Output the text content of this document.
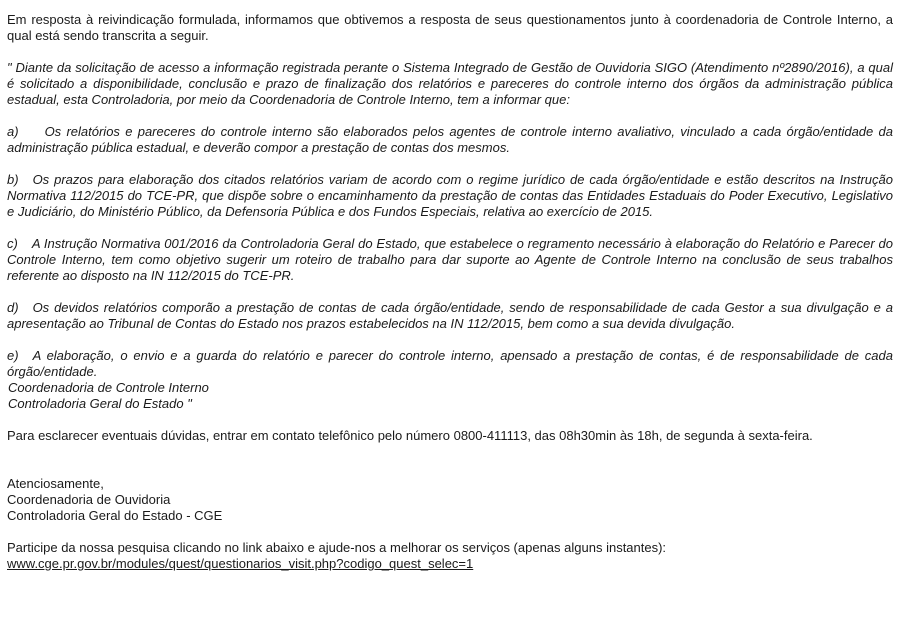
Em resposta à reivindicação formulada, informamos que obtivemos a resposta de seus questionamentos junto à coordenadoria de Controle Interno, a qual está sendo transcrita a seguir.

" Diante da solicitação de acesso a informação registrada perante o Sistema Integrado de Gestão de Ouvidoria SIGO (Atendimento nº2890/2016), a qual é solicitado a disponibilidade, conclusão e prazo de finalização dos relatórios e pareceres do controle interno dos órgãos da administração pública estadual, esta Controladoria, por meio da Coordenadoria de Controle Interno, tem a informar que:

a) Os relatórios e pareceres do controle interno são elaborados pelos agentes de controle interno avaliativo, vinculado a cada órgão/entidade da administração pública estadual, e deverão compor a prestação de contas dos mesmos.

b) Os prazos para elaboração dos citados relatórios variam de acordo com o regime jurídico de cada órgão/entidade e estão descritos na Instrução Normativa 112/2015 do TCE-PR, que dispõe sobre o encaminhamento da prestação de contas das Entidades Estaduais do Poder Executivo, Legislativo e Judiciário, do Ministério Público, da Defensoria Pública e dos Fundos Especiais, relativa ao exercício de 2015.

c) A Instrução Normativa 001/2016 da Controladoria Geral do Estado, que estabelece o regramento necessário à elaboração do Relatório e Parecer do Controle Interno, tem como objetivo sugerir um roteiro de trabalho para dar suporte ao Agente de Controle Interno na conclusão de seus trabalhos referente ao disposto na IN 112/2015 do TCE-PR.

d) Os devidos relatórios comporão a prestação de contas de cada órgão/entidade, sendo de responsabilidade de cada Gestor a sua divulgação e a apresentação ao Tribunal de Contas do Estado nos prazos estabelecidos na IN 112/2015, bem como a sua devida divulgação.

e) A elaboração, o envio e a guarda do relatório e parecer do controle interno, apensado a prestação de contas, é de responsabilidade de cada órgão/entidade.

Coordenadoria de Controle Interno
Controladoria Geral do Estado "

Para esclarecer eventuais dúvidas, entrar em contato telefônico pelo número 0800-411113, das 08h30min às 18h, de segunda à sexta-feira.

Atenciosamente,
Coordenadoria de Ouvidoria
Controladoria Geral do Estado - CGE
Participe da nossa pesquisa clicando no link abaixo e ajude-nos a melhorar os serviços (apenas alguns instantes):
www.cge.pr.gov.br/modules/quest/questionarios_visit.php?codigo_quest_selec=1
